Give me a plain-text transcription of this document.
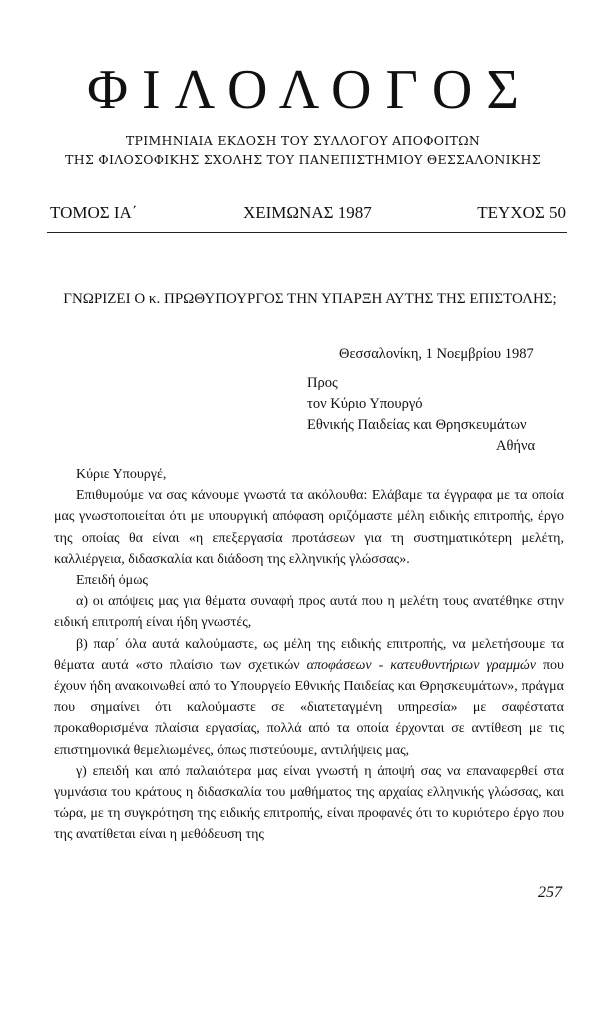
ΦΙΛΟΛΟΓΟΣ
ΤΡΙΜΗΝΙΑΙΑ ΕΚΔΟΣΗ ΤΟΥ ΣΥΛΛΟΓΟΥ ΑΠΟΦΟΙΤΩΝ
ΤΗΣ ΦΙΛΟΣΟΦΙΚΗΣ ΣΧΟΛΗΣ ΤΟΥ ΠΑΝΕΠΙΣΤΗΜΙΟΥ ΘΕΣΣΑΛΟΝΙΚΗΣ
ΤΟΜΟΣ ΙΑ΄	ΧΕΙΜΩΝΑΣ 1987	ΤΕΥΧΟΣ 50
ΓΝΩΡΙΖΕΙ Ο κ. ΠΡΩΘΥΠΟΥΡΓΟΣ ΤΗΝ ΥΠΑΡΞΗ ΑΥΤΗΣ ΤΗΣ ΕΠΙΣΤΟΛΗΣ;
Θεσσαλονίκη, 1 Νοεμβρίου 1987
Προς
τον Κύριο Υπουργό
Εθνικής Παιδείας και Θρησκευμάτων
Αθήνα

Κύριε Υπουργέ,

Επιθυμούμε να σας κάνουμε γνωστά τα ακόλουθα: Ελάβαμε τα έγγραφα με τα οποία μας γνωστοποιείται ότι με υπουργική απόφαση οριζόμαστε μέλη ειδικής επιτροπής, έργο της οποίας θα είναι «η επεξεργασία προτάσεων για τη συστηματικότερη μελέτη, καλλιέργεια, διδασκαλία και διάδοση της ελληνικής γλώσσας».

Επειδή όμως

α) οι απόψεις μας για θέματα συναφή προς αυτά που η μελέτη τους ανατέθηκε στην ειδική επιτροπή είναι ήδη γνωστές,

β) παρ΄ όλα αυτά καλούμαστε, ως μέλη της ειδικής επιτροπής, να μελετήσουμε τα θέματα αυτά «στο πλαίσιο των σχετικών αποφάσεων - κατευθυντήριων γραμμών που έχουν ήδη ανακοινωθεί από το Υπουργείο Εθνικής Παιδείας και Θρησκευμάτων», πράγμα που σημαίνει ότι καλούμαστε σε «διατεταγμένη υπηρεσία» με σαφέστατα προκαθορισμένα πλαίσια εργασίας, πολλά από τα οποία έρχονται σε αντίθεση με τις επιστημονικά θεμελιωμένες, όπως πιστεύουμε, αντιλήψεις μας,

γ) επειδή και από παλαιότερα μας είναι γνωστή η άποψή σας να επαναφερθεί στα γυμνάσια του κράτους η διδασκαλία του μαθήματος της αρχαίας ελληνικής γλώσσας, και τώρα, με τη συγκρότηση της ειδικής επιτροπής, είναι προφανές ότι το κυριότερο έργο που της ανατίθεται είναι η μεθόδευση της

257
